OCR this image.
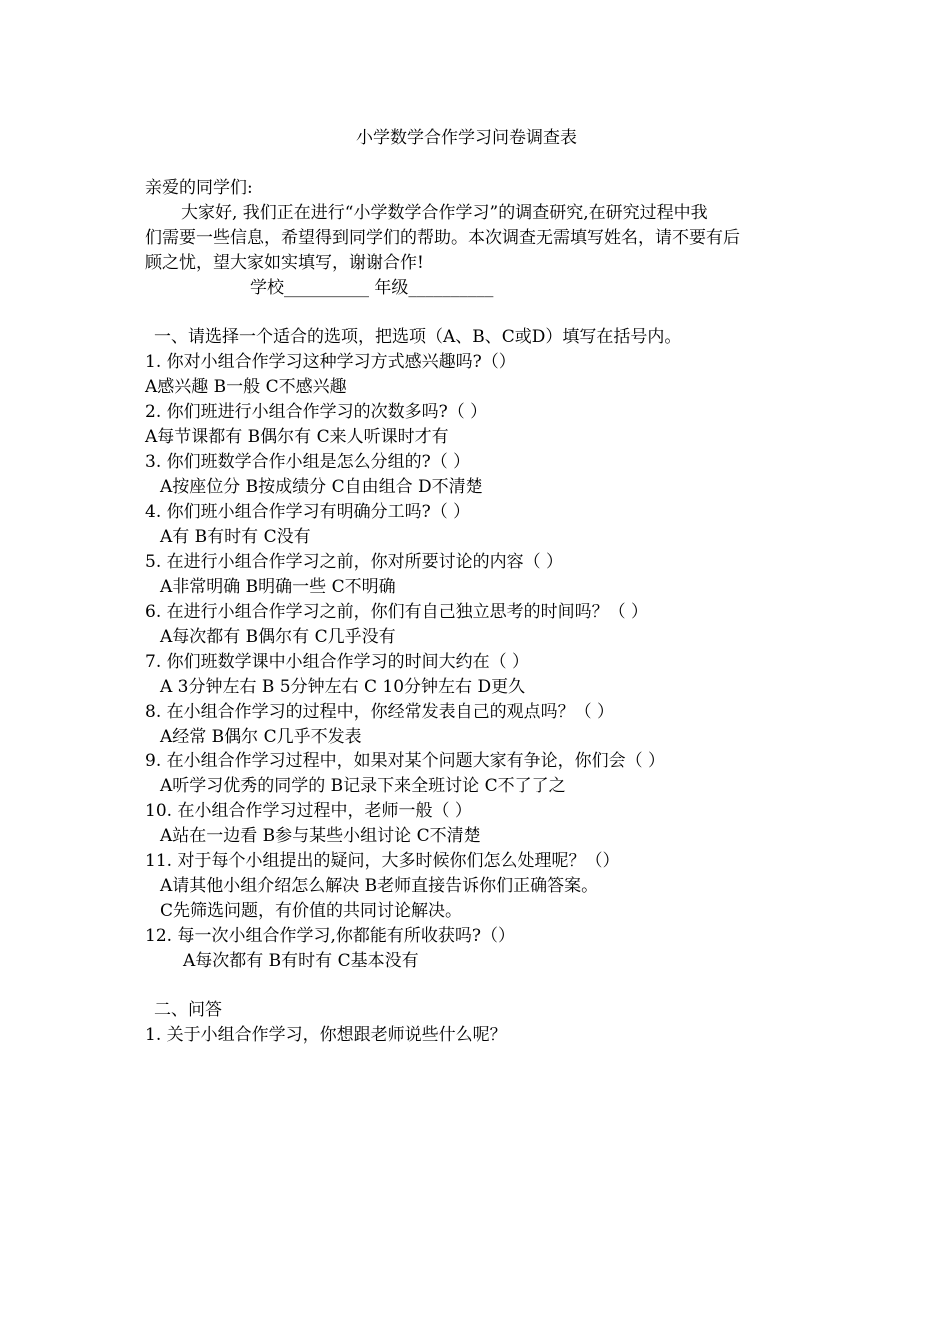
小学数学合作学习问卷调查表
亲爱的同学们:
大家好, 我们正在进行“小学数学合作学习”的调查研究,在研究过程中我
们需要一些信息，希望得到同学们的帮助。本次调查无需填写姓名，请不要有后
顾之忧，望大家如实填写，谢谢合作!
学校__________ 年级__________
一、请选择一个适合的选项，把选项（A、B、C或D）填写在括号内。
1. 你对小组合作学习这种学习方式感兴趣吗?（）
A感兴趣 B一般 C不感兴趣
2. 你们班进行小组合作学习的次数多吗?（ ）
A每节课都有 B偶尔有 C来人听课时才有
3. 你们班数学合作小组是怎么分组的?（ ）
A按座位分 B按成绩分 C自由组合 D不清楚
4. 你们班小组合作学习有明确分工吗?（ ）
A有 B有时有 C没有
5. 在进行小组合作学习之前，你对所要讨论的内容（ ）
A非常明确 B明确一些 C不明确
6. 在进行小组合作学习之前，你们有自己独立思考的时间吗？（ ）
A每次都有 B偶尔有 C几乎没有
7. 你们班数学课中小组合作学习的时间大约在（ ）
A 3分钟左右 B 5分钟左右 C 10分钟左右 D更久
8. 在小组合作学习的过程中，你经常发表自己的观点吗？（ ）
A经常 B偶尔 C几乎不发表
9. 在小组合作学习过程中，如果对某个问题大家有争论，你们会（ ）
A听学习优秀的同学的 B记录下来全班讨论 C不了了之
10. 在小组合作学习过程中，老师一般（ ）
A站在一边看 B参与某些小组讨论 C不清楚
11. 对于每个小组提出的疑问，大多时候你们怎么处理呢？（）
A请其他小组介绍怎么解决 B老师直接告诉你们正确答案。
C先筛选问题，有价值的共同讨论解决。
12. 每一次小组合作学习,你都能有所收获吗?（）
A每次都有 B有时有 C基本没有
二、问答
1. 关于小组合作学习，你想跟老师说些什么呢？
